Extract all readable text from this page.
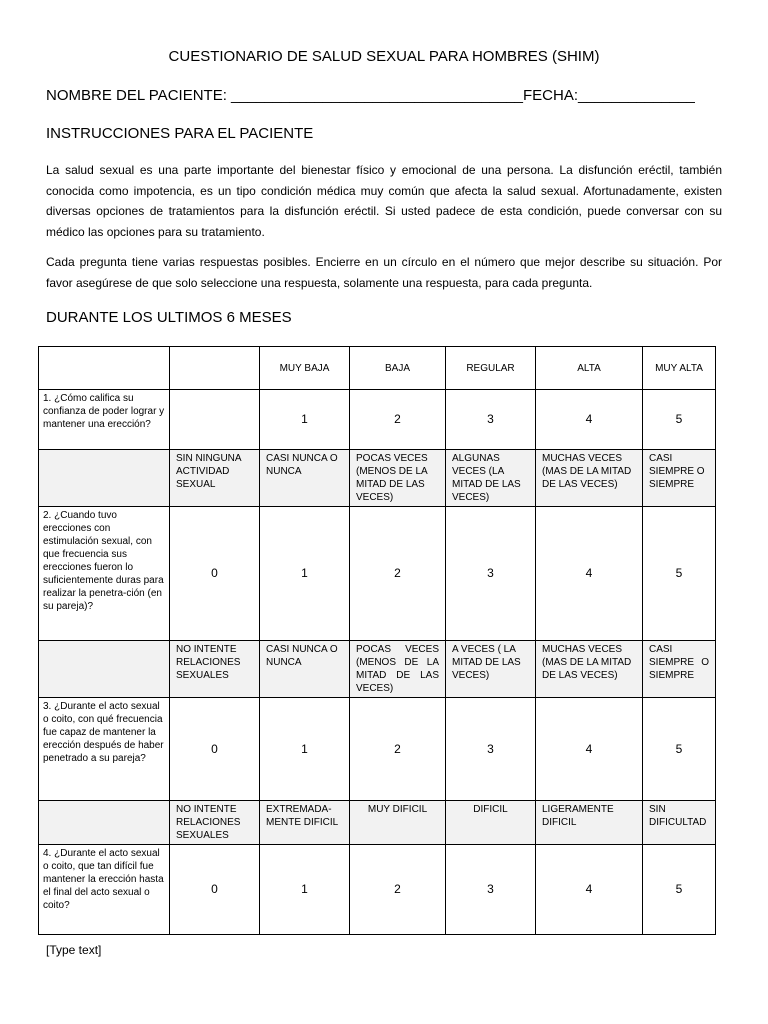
CUESTIONARIO DE SALUD SEXUAL PARA HOMBRES (SHIM)
NOMBRE DEL PACIENTE: ___________________________________FECHA:______________
INSTRUCCIONES PARA EL PACIENTE
La salud sexual es una parte importante del bienestar físico y emocional de una persona. La disfunción eréctil, también conocida como impotencia, es un tipo condición médica muy común que afecta la salud sexual. Afortunadamente, existen diversas opciones de tratamientos para la disfunción eréctil. Si usted padece de esta condición, puede conversar con su médico las opciones para su tratamiento.
Cada pregunta tiene varias respuestas posibles. Encierre en un círculo en el número que mejor describe su situación. Por favor asegúrese de que solo seleccione una respuesta, solamente una respuesta, para cada pregunta.
DURANTE LOS ULTIMOS 6 MESES
		MUY BAJA	BAJA	REGULAR	ALTA	MUY ALTA
1. ¿Cómo califica su confianza de poder lograr y mantener una erección?		1	2	3	4	5
	SIN NINGUNA ACTIVIDAD SEXUAL	CASI NUNCA O NUNCA	POCAS VECES (MENOS DE LA MITAD DE LAS VECES)	ALGUNAS VECES (LA MITAD DE LAS VECES)	MUCHAS VECES (MAS DE LA MITAD DE LAS VECES)	CASI SIEMPRE O SIEMPRE
2. ¿Cuando tuvo erecciones con estimulación sexual, con que frecuencia sus erecciones fueron lo suficientemente duras para realizar la penetra-ción (en su pareja)?	0	1	2	3	4	5
	NO INTENTE RELACIONES SEXUALES	CASI NUNCA O NUNCA	POCAS VECES (MENOS DE LA MITAD DE LAS VECES)	A VECES ( LA MITAD DE LAS VECES)	MUCHAS VECES (MAS DE LA MITAD DE LAS VECES)	CASI SIEMPRE O SIEMPRE
3. ¿Durante el acto sexual o coito, con qué frecuencia fue capaz de mantener la erección después de haber penetrado a su pareja?	0	1	2	3	4	5
	NO INTENTE RELACIONES SEXUALES	EXTREMADA-MENTE DIFICIL	MUY DIFICIL	DIFICIL	LIGERAMENTE DIFICIL	SIN DIFICULTAD
4. ¿Durante el acto sexual o coito, que tan difícil fue mantener la erección hasta el final del acto sexual o coito?	0	1	2	3	4	5
[Type text]
